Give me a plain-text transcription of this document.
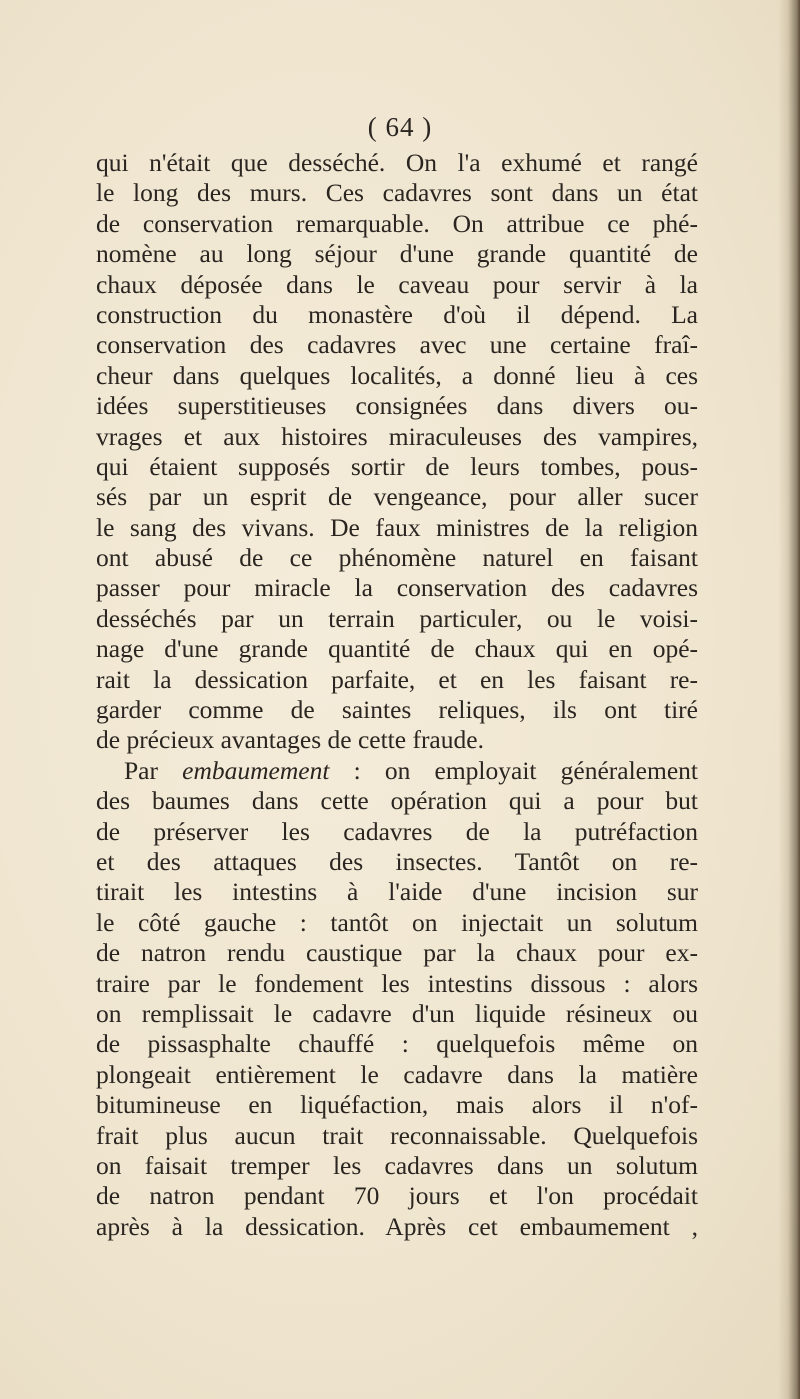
( 64 )
qui n'était que desséché. On l'a exhumé et rangé
le long des murs. Ces cadavres sont dans un état
de conservation remarquable. On attribue ce phé-
nomène au long séjour d'une grande quantité de
chaux déposée dans le caveau pour servir à la
construction du monastère d'où il dépend. La
conservation des cadavres avec une certaine fraî-
cheur dans quelques localités, a donné lieu à ces
idées superstitieuses consignées dans divers ou-
vrages et aux histoires miraculeuses des vampires,
qui étaient supposés sortir de leurs tombes, pous-
sés par un esprit de vengeance, pour aller sucer
le sang des vivans. De faux ministres de la religion
ont abusé de ce phénomène naturel en faisant
passer pour miracle la conservation des cadavres
desséchés par un terrain particuler, ou le voisi-
nage d'une grande quantité de chaux qui en opé-
rait la dessication parfaite, et en les faisant re-
garder comme de saintes reliques, ils ont tiré
de précieux avantages de cette fraude.
Par embaumement : on employait généralement
des baumes dans cette opération qui a pour but
de préserver les cadavres de la putréfaction
et des attaques des insectes. Tantôt on re-
tirait les intestins à l'aide d'une incision sur
le côté gauche : tantôt on injectait un solutum
de natron rendu caustique par la chaux pour ex-
traire par le fondement les intestins dissous : alors
on remplissait le cadavre d'un liquide résineux ou
de pissasphalte chauffé : quelquefois même on
plongeait entièrement le cadavre dans la matière
bitumineuse en liquéfaction, mais alors il n'of-
frait plus aucun trait reconnaissable. Quelquefois
on faisait tremper les cadavres dans un solutum
de natron pendant 70 jours et l'on procédait
après à la dessication. Après cet embaumement ,
